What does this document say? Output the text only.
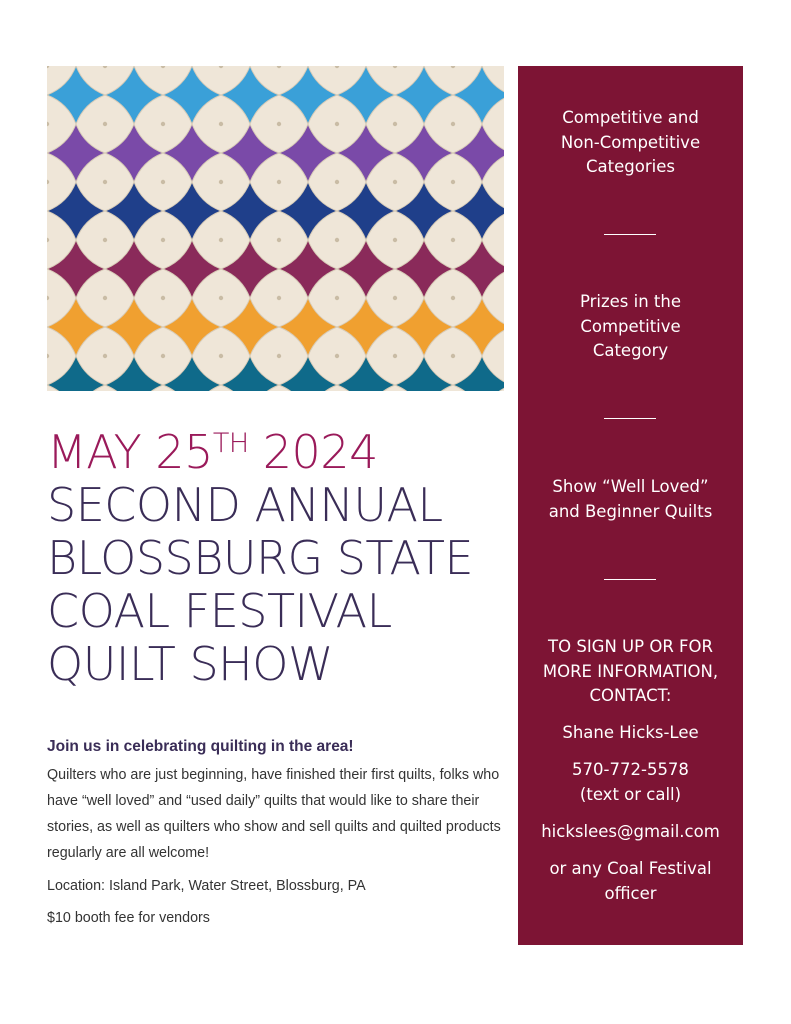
Competitive and
Non-Competitive
Categories
Prizes in the
Competitive
Category
Show “Well Loved”
and Beginner Quilts
TO SIGN UP OR FOR
MORE INFORMATION,
CONTACT:
Shane Hicks-Lee
570-772-5578
(text or call)
hickslees@gmail.com
or any Coal Festival
officer
MAY 25TH 2024
SECOND ANNUAL
BLOSSBURG STATE
COAL FESTIVAL
QUILT SHOW

Join us in celebrating quilting in the area!

Quilters who are just beginning, have finished their first quilts, folks who have “well loved” and “used daily” quilts that would like to share their stories, as well as quilters who show and sell quilts and quilted products regularly are all welcome!

Location: Island Park, Water Street, Blossburg, PA

$10 booth fee for vendors
